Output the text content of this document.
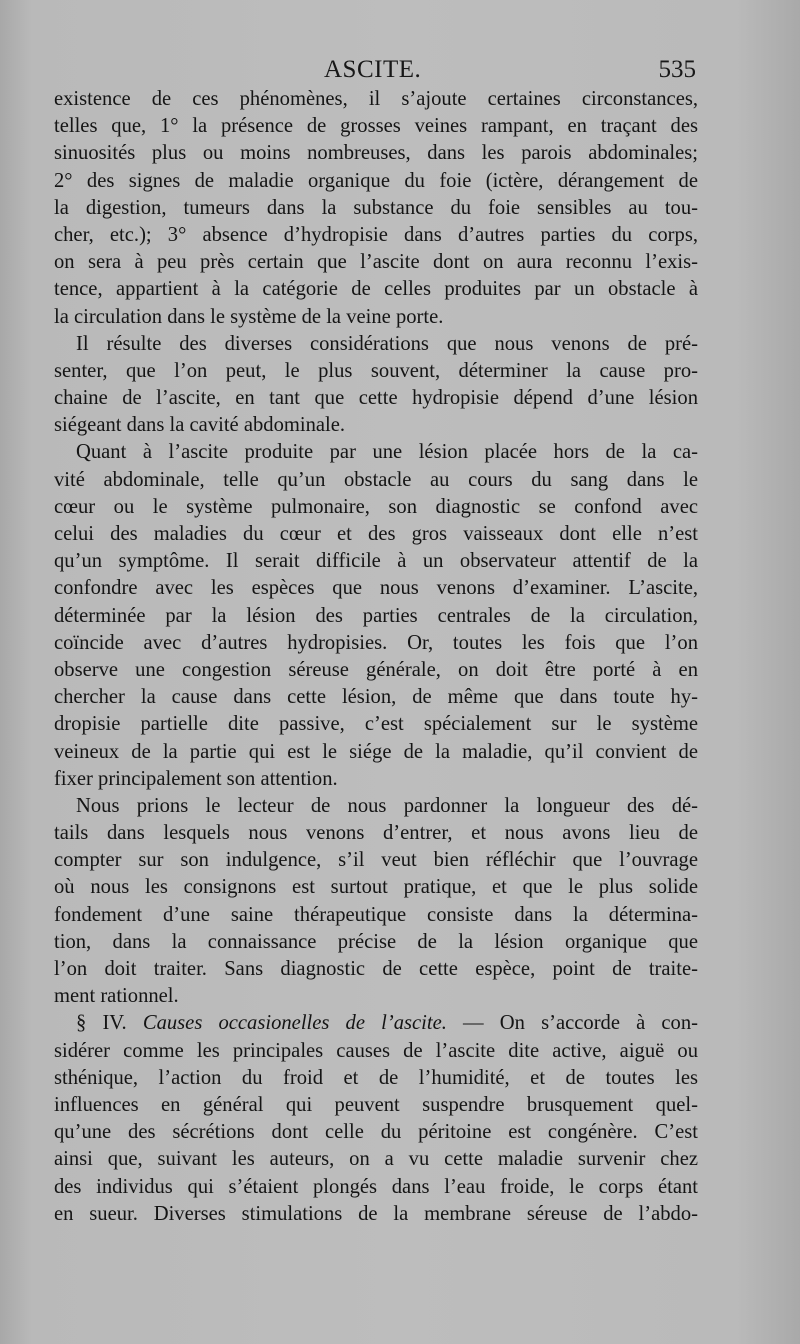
ASCITE.	535
existence de ces phénomènes, il s’ajoute certaines circonstances,
telles que, 1° la présence de grosses veines rampant, en traçant des
sinuosités plus ou moins nombreuses, dans les parois abdominales;
2° des signes de maladie organique du foie (ictère, dérangement de
la digestion, tumeurs dans la substance du foie sensibles au tou-
cher, etc.); 3° absence d’hydropisie dans d’autres parties du corps,
on sera à peu près certain que l’ascite dont on aura reconnu l’exis-
tence, appartient à la catégorie de celles produites par un obstacle à
la circulation dans le système de la veine porte.
Il résulte des diverses considérations que nous venons de pré-
senter, que l’on peut, le plus souvent, déterminer la cause pro-
chaine de l’ascite, en tant que cette hydropisie dépend d’une lésion
siégeant dans la cavité abdominale.
Quant à l’ascite produite par une lésion placée hors de la ca-
vité abdominale, telle qu’un obstacle au cours du sang dans le
cœur ou le système pulmonaire, son diagnostic se confond avec
celui des maladies du cœur et des gros vaisseaux dont elle n’est
qu’un symptôme. Il serait difficile à un observateur attentif de la
confondre avec les espèces que nous venons d’examiner. L’ascite,
déterminée par la lésion des parties centrales de la circulation,
coïncide avec d’autres hydropisies. Or, toutes les fois que l’on
observe une congestion séreuse générale, on doit être porté à en
chercher la cause dans cette lésion, de même que dans toute hy-
dropisie partielle dite passive, c’est spécialement sur le système
veineux de la partie qui est le siége de la maladie, qu’il convient de
fixer principalement son attention.
Nous prions le lecteur de nous pardonner la longueur des dé-
tails dans lesquels nous venons d’entrer, et nous avons lieu de
compter sur son indulgence, s’il veut bien réfléchir que l’ouvrage
où nous les consignons est surtout pratique, et que le plus solide
fondement d’une saine thérapeutique consiste dans la détermina-
tion, dans la connaissance précise de la lésion organique que
l’on doit traiter. Sans diagnostic de cette espèce, point de traite-
ment rationnel.
§ IV. Causes occasionelles de l’ascite. — On s’accorde à con-
sidérer comme les principales causes de l’ascite dite active, aiguë ou
sthénique, l’action du froid et de l’humidité, et de toutes les
influences en général qui peuvent suspendre brusquement quel-
qu’une des sécrétions dont celle du péritoine est congénère. C’est
ainsi que, suivant les auteurs, on a vu cette maladie survenir chez
des individus qui s’étaient plongés dans l’eau froide, le corps étant
en sueur. Diverses stimulations de la membrane séreuse de l’abdo-
